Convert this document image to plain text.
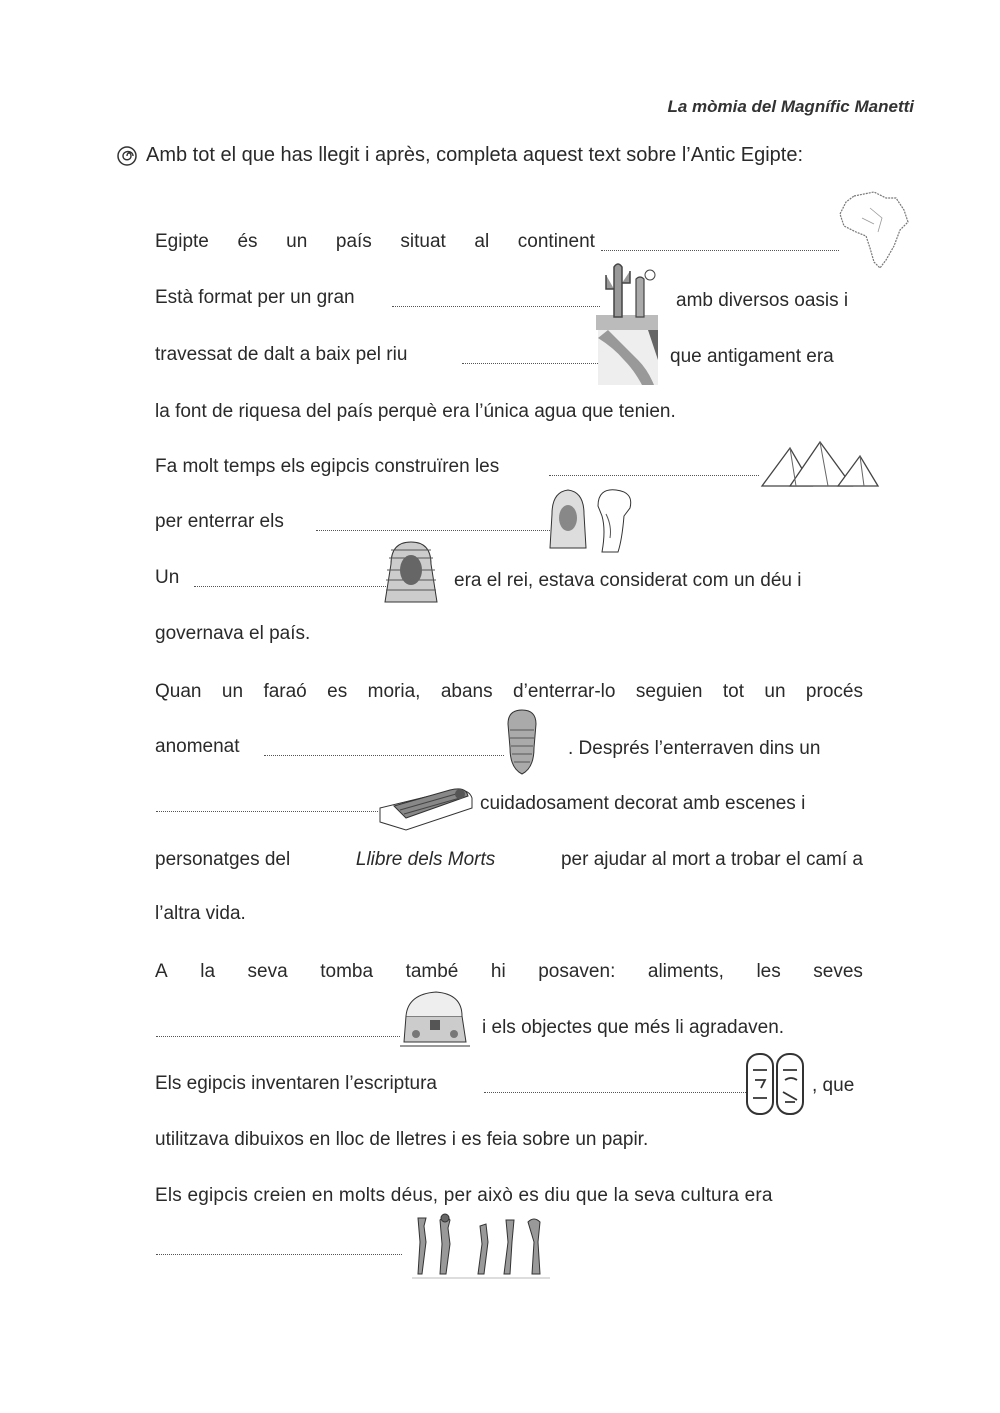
La mòmia del Magnífic Manetti
Amb tot el que has llegit i après, completa aquest text sobre l’Antic Egipte:
Egipte és un país situat al continent
Està format per un gran	amb diversos oasis i
travessat de dalt a baix pel riu	que antigament era
la font de riquesa del país perquè era l’única agua que tenien.
Fa molt temps els egipcis construïren les
per enterrar els
Un	era el rei, estava considerat com un déu i
governava el país.
Quan un faraó es moria, abans d’enterrar-lo seguien tot un procés
anomenat	. Després l’enterraven dins un
cuidadosament decorat amb escenes i
personatges del	Llibre dels Morts	per ajudar al mort a trobar el camí a
l’altra vida.
A la seva tomba també hi posaven: aliments, les seves
i els objectes que més li agradaven.
Els egipcis inventaren l’escriptura	, que
utilitzava dibuixos en lloc de lletres i es feia sobre un papir.
Els egipcis creien en molts déus, per això es diu que la seva cultura era
